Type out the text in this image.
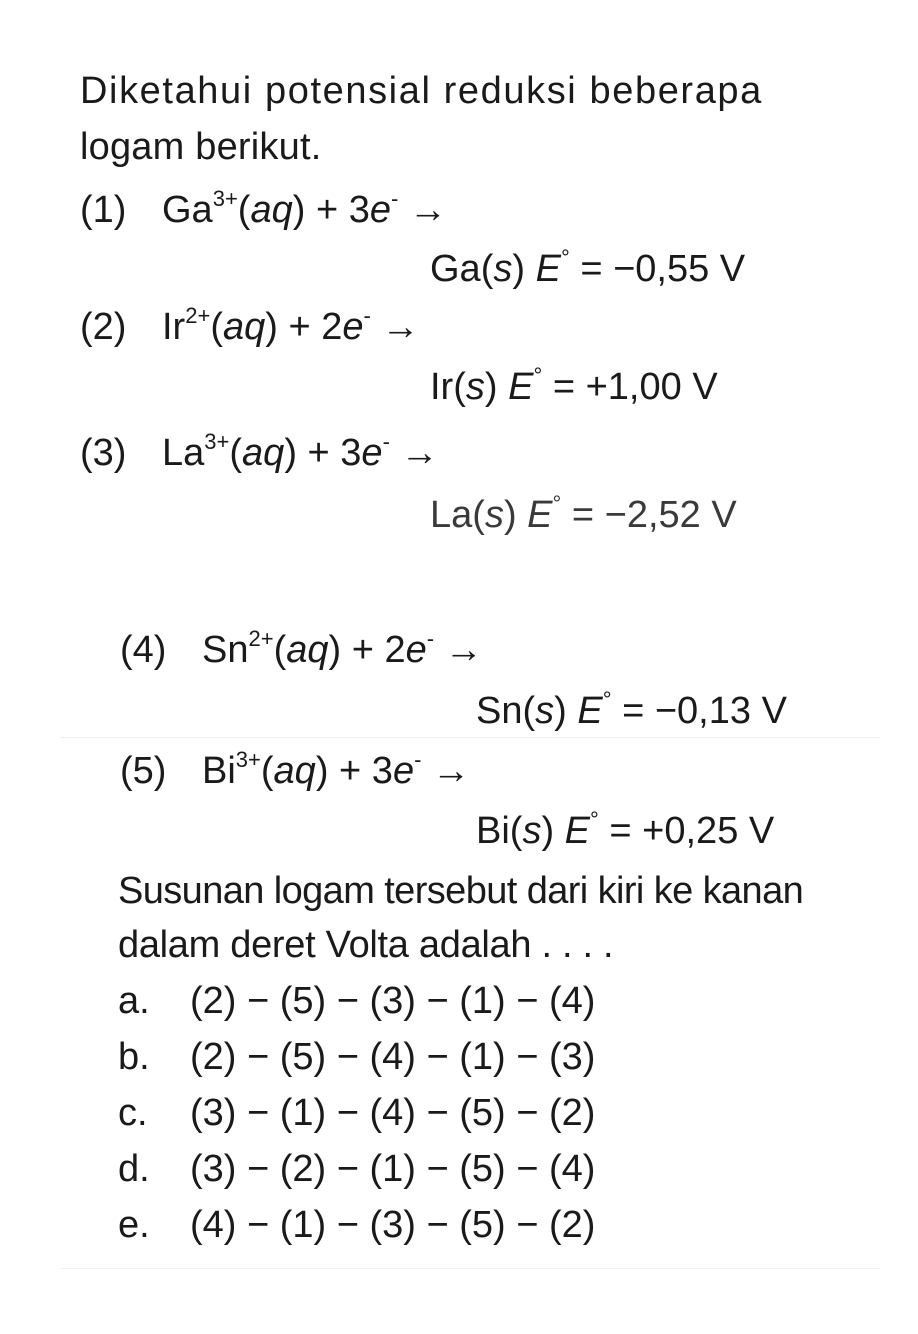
Diketahui potensial reduksi beberapa
logam berikut.
(1) $Ga^{3+}(aq) + 3e^-$ →
Ga(s) E° = −0,55 V
(2) $Ir^{2+}(aq) + 2e^-$ →
Ir(s) E° = +1,00 V
(3) $La^{3+}(aq) + 3e^-$ →
La(s) E° = −2,52 V
(4) $Sn^{2+}(aq) + 2e^-$ →
Sn(s) E° = −0,13 V
(5) $Bi^{3+}(aq) + 3e^-$ →
Bi(s) E° = +0,25 V
Susunan logam tersebut dari kiri ke kanan
dalam deret Volta adalah . . . .
a. (2) − (5) − (3) − (1) − (4)
b. (2) − (5) − (4) − (1) − (3)
c. (3) − (1) − (4) − (5) − (2)
d. (3) − (2) − (1) − (5) − (4)
e. (4) − (1) − (3) − (5) − (2)
